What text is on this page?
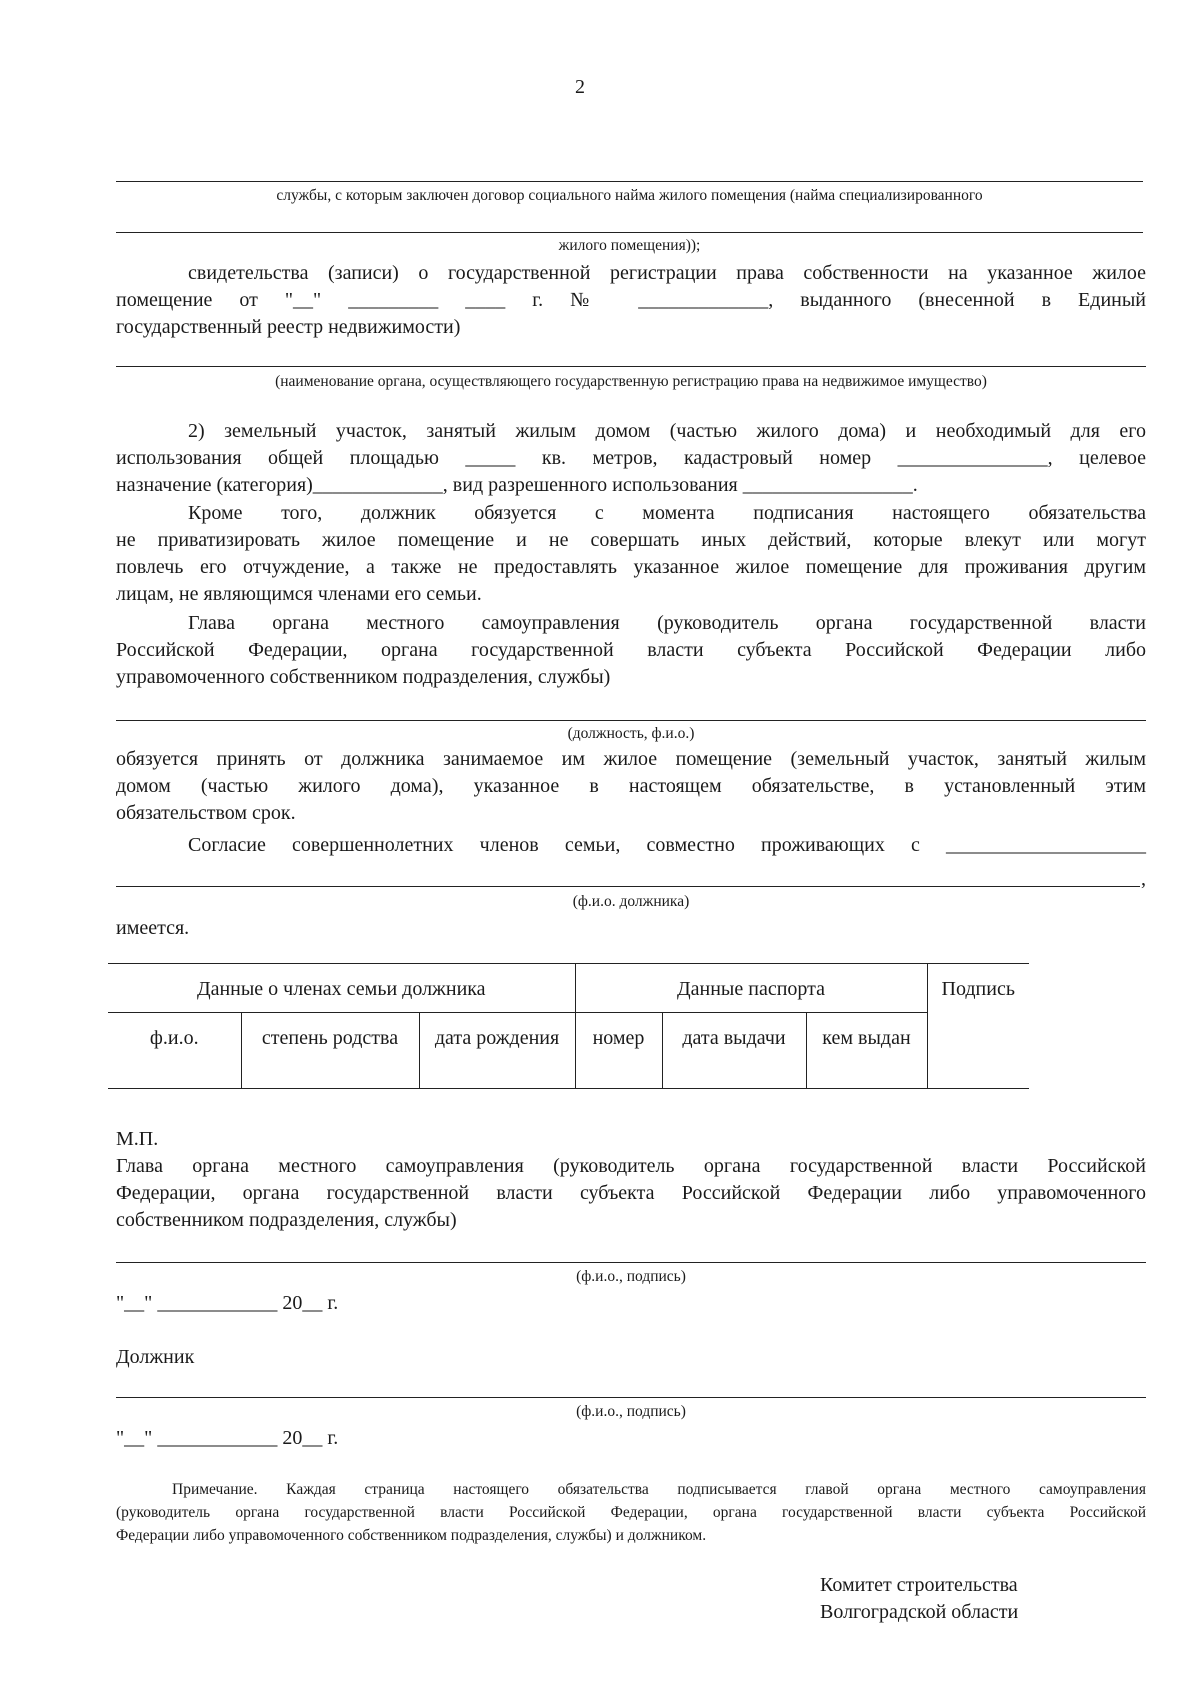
2
службы, с которым заключен договор социального найма жилого помещения (найма специализированного
жилого помещения));
свидетельства (записи) о государственной регистрации права собственности на указанное жилое
помещение от "__" _________ ____ г. № _____________, выданного (внесенной в Единый
государственный реестр недвижимости)
(наименование органа, осуществляющего государственную регистрацию права на недвижимое имущество)
2) земельный участок, занятый жилым домом (частью жилого дома) и необходимый для его
использования общей площадью _____ кв. метров, кадастровый номер _______________, целевое
назначение (категория)_____________, вид разрешенного использования _________________.
Кроме того, должник обязуется с момента подписания настоящего обязательства
не приватизировать жилое помещение и не совершать иных действий, которые влекут или могут
повлечь его отчуждение, а также не предоставлять указанное жилое помещение для проживания другим
лицам, не являющимся членами его семьи.
Глава органа местного самоуправления (руководитель органа государственной власти
Российской Федерации, органа государственной власти субъекта Российской Федерации либо
управомоченного собственником подразделения, службы)
(должность, ф.и.о.)
обязуется принять от должника занимаемое им жилое помещение (земельный участок, занятый жилым
домом (частью жилого дома), указанное в настоящем обязательстве, в установленный этим
обязательством срок.
Согласие совершеннолетних членов семьи, совместно проживающих с ____________________
,
(ф.и.о. должника)
имеется.
Данные о членах семьи должника			Данные паспорта			Подпись
ф.и.о.	степень родства	дата рождения	номер	дата выдачи	кем выдан	
М.П.
Глава органа местного самоуправления (руководитель органа государственной власти Российской
Федерации, органа государственной власти субъекта Российской Федерации либо управомоченного
собственником подразделения, службы)
(ф.и.о., подпись)
"__" ____________ 20__ г.
Должник
(ф.и.о., подпись)
"__" ____________ 20__ г.
Примечание. Каждая страница настоящего обязательства подписывается главой органа местного самоуправления
(руководитель органа государственной власти Российской Федерации, органа государственной власти субъекта Российской
Федерации либо управомоченного собственником подразделения, службы) и должником.
Комитет строительства
Волгоградской области
